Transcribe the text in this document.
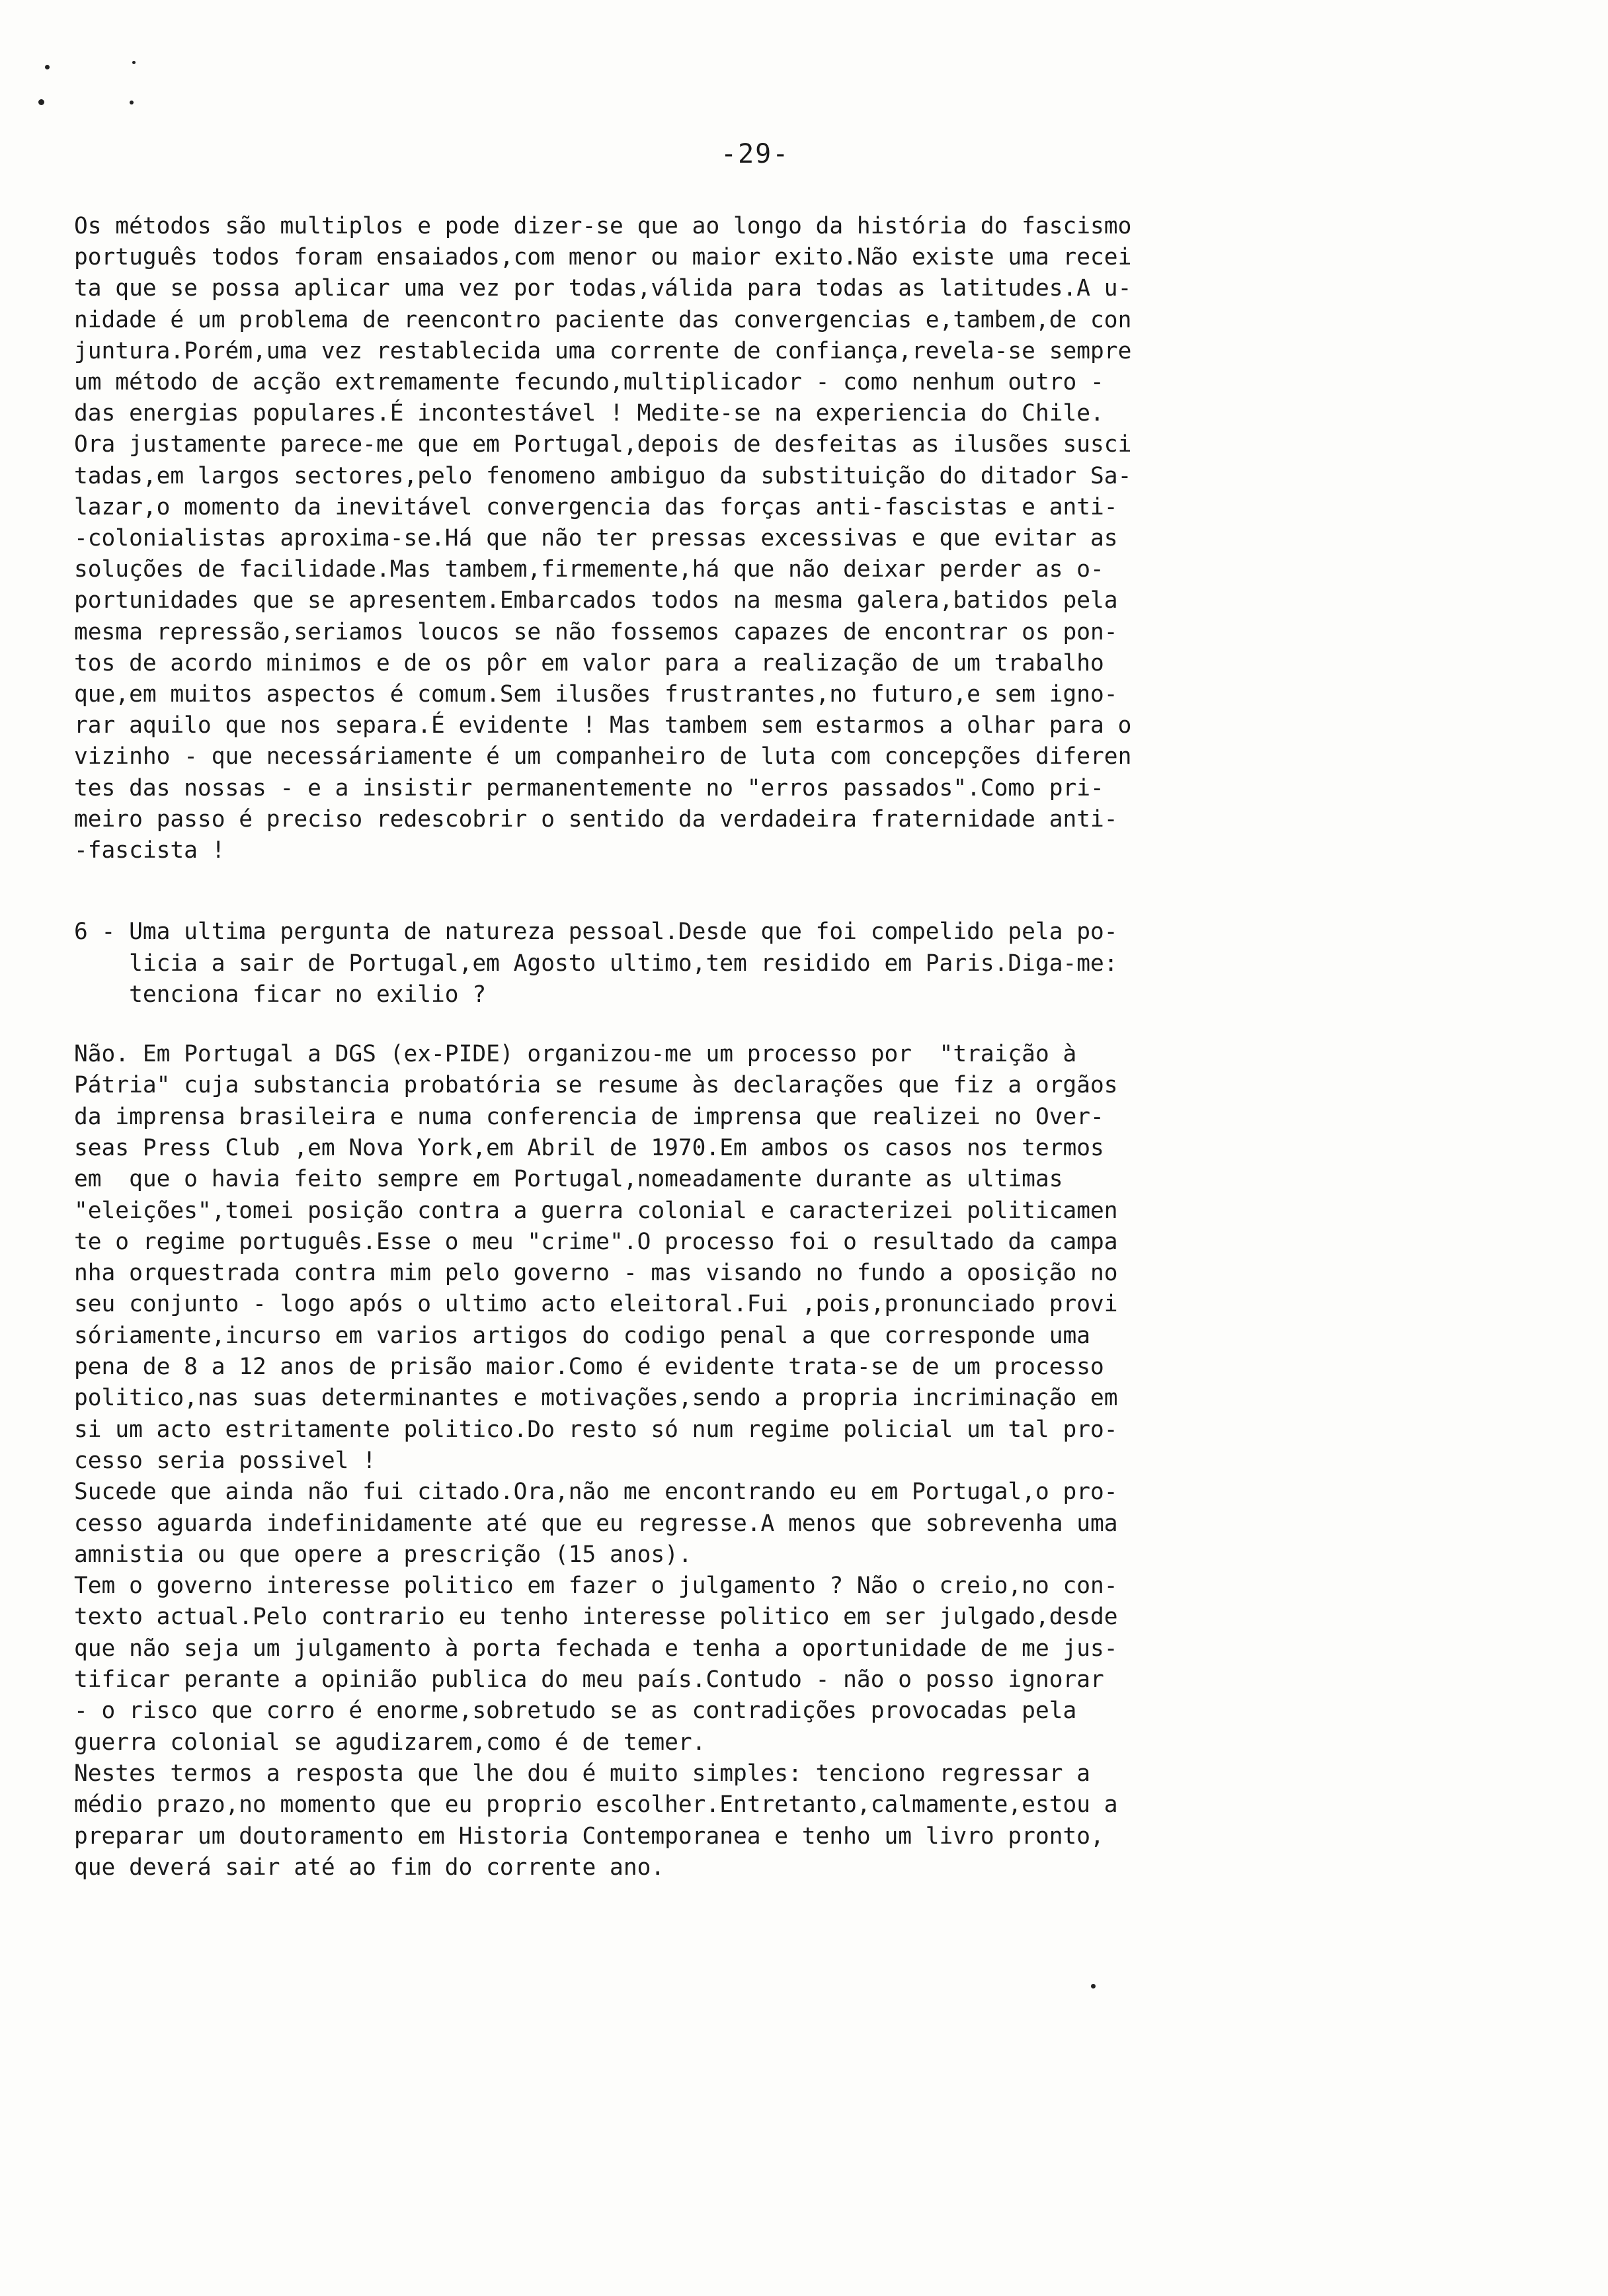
-29-
Os métodos são multiplos e pode dizer-se que ao longo da história do fascismo
português todos foram ensaiados,com menor ou maior exito.Não existe uma recei
ta que se possa aplicar uma vez por todas,válida para todas as latitudes.A u-
nidade é um problema de reencontro paciente das convergencias e,tambem,de con
juntura.Porém,uma vez restablecida uma corrente de confiança,revela-se sempre
um método de acção extremamente fecundo,multiplicador - como nenhum outro -
das energias populares.É incontestável ! Medite-se na experiencia do Chile.
Ora justamente parece-me que em Portugal,depois de desfeitas as ilusões susci
tadas,em largos sectores,pelo fenomeno ambiguo da substituição do ditador Sa-
lazar,o momento da inevitável convergencia das forças anti-fascistas e anti-
-colonialistas aproxima-se.Há que não ter pressas excessivas e que evitar as
soluções de facilidade.Mas tambem,firmemente,há que não deixar perder as o-
portunidades que se apresentem.Embarcados todos na mesma galera,batidos pela
mesma repressão,seriamos loucos se não fossemos capazes de encontrar os pon-
tos de acordo minimos e de os pôr em valor para a realização de um trabalho
que,em muitos aspectos é comum.Sem ilusões frustrantes,no futuro,e sem igno-
rar aquilo que nos separa.É evidente ! Mas tambem sem estarmos a olhar para o
vizinho - que necessáriamente é um companheiro de luta com concepções diferen
tes das nossas - e a insistir permanentemente no "erros passados".Como pri-
meiro passo é preciso redescobrir o sentido da verdadeira fraternidade anti-
-fascista !
6 - Uma ultima pergunta de natureza pessoal.Desde que foi compelido pela po-
licia a sair de Portugal,em Agosto ultimo,tem residido em Paris.Diga-me:
tenciona ficar no exilio ?
Não. Em Portugal a DGS (ex-PIDE) organizou-me um processo por  "traição à
Pátria" cuja substancia probatória se resume às declarações que fiz a orgãos
da imprensa brasileira e numa conferencia de imprensa que realizei no Over-
seas Press Club ,em Nova York,em Abril de 1970.Em ambos os casos nos termos
em  que o havia feito sempre em Portugal,nomeadamente durante as ultimas
"eleições",tomei posição contra a guerra colonial e caracterizei politicamen
te o regime português.Esse o meu "crime".O processo foi o resultado da campa
nha orquestrada contra mim pelo governo - mas visando no fundo a oposição no
seu conjunto - logo após o ultimo acto eleitoral.Fui ,pois,pronunciado provi
sóriamente,incurso em varios artigos do codigo penal a que corresponde uma
pena de 8 a 12 anos de prisão maior.Como é evidente trata-se de um processo
politico,nas suas determinantes e motivações,sendo a propria incriminação em
si um acto estritamente politico.Do resto só num regime policial um tal pro-
cesso seria possivel !
Sucede que ainda não fui citado.Ora,não me encontrando eu em Portugal,o pro-
cesso aguarda indefinidamente até que eu regresse.A menos que sobrevenha uma
amnistia ou que opere a prescrição (15 anos).
Tem o governo interesse politico em fazer o julgamento ? Não o creio,no con-
texto actual.Pelo contrario eu tenho interesse politico em ser julgado,desde
que não seja um julgamento à porta fechada e tenha a oportunidade de me jus-
tificar perante a opinião publica do meu país.Contudo - não o posso ignorar
- o risco que corro é enorme,sobretudo se as contradições provocadas pela
guerra colonial se agudizarem,como é de temer.
Nestes termos a resposta que lhe dou é muito simples: tenciono regressar a
médio prazo,no momento que eu proprio escolher.Entretanto,calmamente,estou a
preparar um doutoramento em Historia Contemporanea e tenho um livro pronto,
que deverá sair até ao fim do corrente ano.
